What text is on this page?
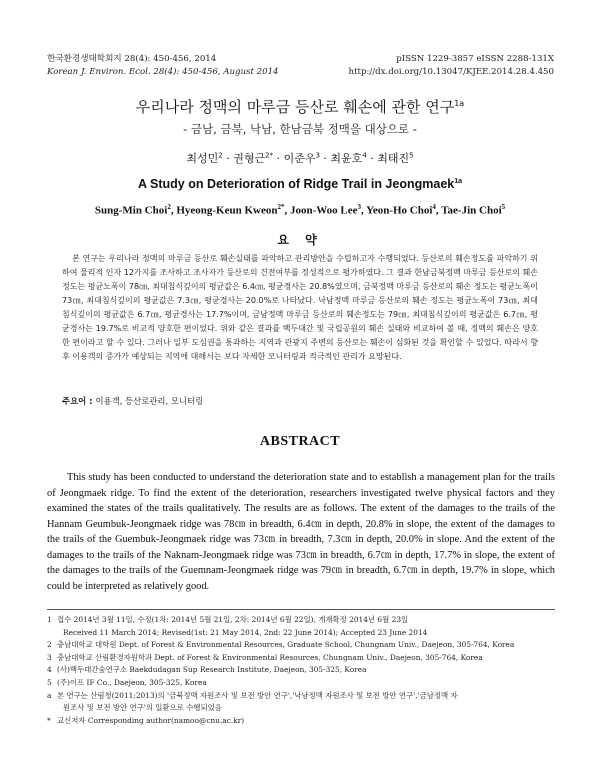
한국환경생태학회지 28(4): 450-456, 2014
Korean J. Environ. Ecol. 28(4): 450-456, August 2014
pISSN 1229-3857 eISSN 2288-131X
http://dx.doi.org/10.13047/KJEE.2014.28.4.450
우리나라 정맥의 마루금 등산로 훼손에 관한 연구$^{1a}$
- 금남, 금북, 낙남, 한남금북 정맥을 대상으로 -
최성민$^2$ · 권형근$^{2*}$ · 이준우$^3$ · 최윤호$^4$ · 최태진$^5$
A Study on Deterioration of Ridge Trail in Jeongmaek$^{1a}$
Sung-Min Choi$^2$, Hyeong-Keun Kweon$^{2*}$, Joon-Woo Lee$^3$, Yeon-Ho Choi$^4$, Tae-Jin Choi$^5$
요 약
본 연구는 우리나라 정맥의 마루금 등산로 훼손실태를 파악하고 관리방안을 수립하고자 수행되었다. 등산로의 훼손정도를 파악하기 위하여 물리적 인자 12가지를 조사하고 조사자가 등산로의 건전여부를 정성적으로 평가하였다. 그 결과 한남금북정맥 마루금 등산로의 훼손 정도는 평균노폭이 78㎝, 최대침식깊이의 평균값은 6.4㎝, 평균경사는 20.8%였으며, 금북정맥 마루금 등산로의 훼손 정도는 평균노폭이 73㎝, 최대침식깊이의 평균값은 7.3㎝, 평균경사는 20.0%로 나타났다. 낙남정맥 마루금 등산로의 훼손 정도는 평균노폭이 73㎝, 최대침식깊이의 평균값은 6.7㎝, 평균경사는 17.7%이며, 금남정맥 마루금 등산로의 훼손정도는 79㎝, 최대침식깊이의 평균값은 6.7㎝, 평균경사는 19.7%로 비교적 양호한 편이었다. 위와 같은 결과를 백두대간 및 국립공원의 훼손 실태와 비교하여 볼 때, 정맥의 훼손은 양호한 편이라고 할 수 있다. 그러나 일부 도심권을 통과하는 지역과 관광지 주변의 등산로는 훼손이 심화된 것을 확인할 수 있었다. 따라서 향후 이용객의 증가가 예상되는 지역에 대해서는 보다 자세한 모니터링과 적극적인 관리가 요망된다.
주요어 : 이용객, 등산로관리, 모니터링
ABSTRACT
This study has been conducted to understand the deterioration state and to establish a management plan for the trails of Jeongmaek ridge. To find the extent of the deterioration, researchers investigated twelve physical factors and they examined the states of the trails qualitatively. The results are as follows. The extent of the damages to the trails of the Hannam Geumbuk-Jeongmaek ridge was 78㎝ in breadth, 6.4㎝ in depth, 20.8% in slope, the extent of the damages to the trails of the Guembuk-Jeongmaek ridge was 73㎝ in breadth, 7.3㎝ in depth, 20.0% in slope. And the extent of the damages to the trails of the Naknam-Jeongmaek ridge was 73㎝ in breadth, 6.7㎝ in depth, 17.7% in slope, the extent of the damages to the trails of the Guemnam-Jeongmaek ridge was 79㎝ in breadth, 6.7㎝ in depth, 19.7% in slope, which could be interpreted as relatively good.
1 접수 2014년 3월 11일, 수정(1차: 2014년 5월 21일, 2차: 2014년 6월 22일), 게재확정 2014년 6월 23일
Received 11 March 2014; Revised(1st: 21 May 2014, 2nd: 22 June 2014); Accepted 23 June 2014
2 충남대학교 대학원 Dept. of Forest & Environmental Resources, Graduate School, Chungnam Univ., Daejeon, 305-764, Korea
3 충남대학교 산림환경자원학과 Dept. of Forest & Environmental Resources, Chungnam Univ., Daejeon, 305-764, Korea
4 (사)백두대간숲연구소 Baekdudagan Sup Research Institute, Daejeon, 305-325, Korea
5 (주)이프 IF Co., Daejeon, 305-325, Korea
a 본 연구는 산림청(2011;2013)의 '금북정맥 자원조사 및 보전 방안 연구','낙남정맥 자원조사 및 보전 방안 연구','금남정맥 자
원조사 및 보전 방안 연구'의 일환으로 수행되었음
* 교신저자 Corresponding author(namoo@cnu.ac.kr)
